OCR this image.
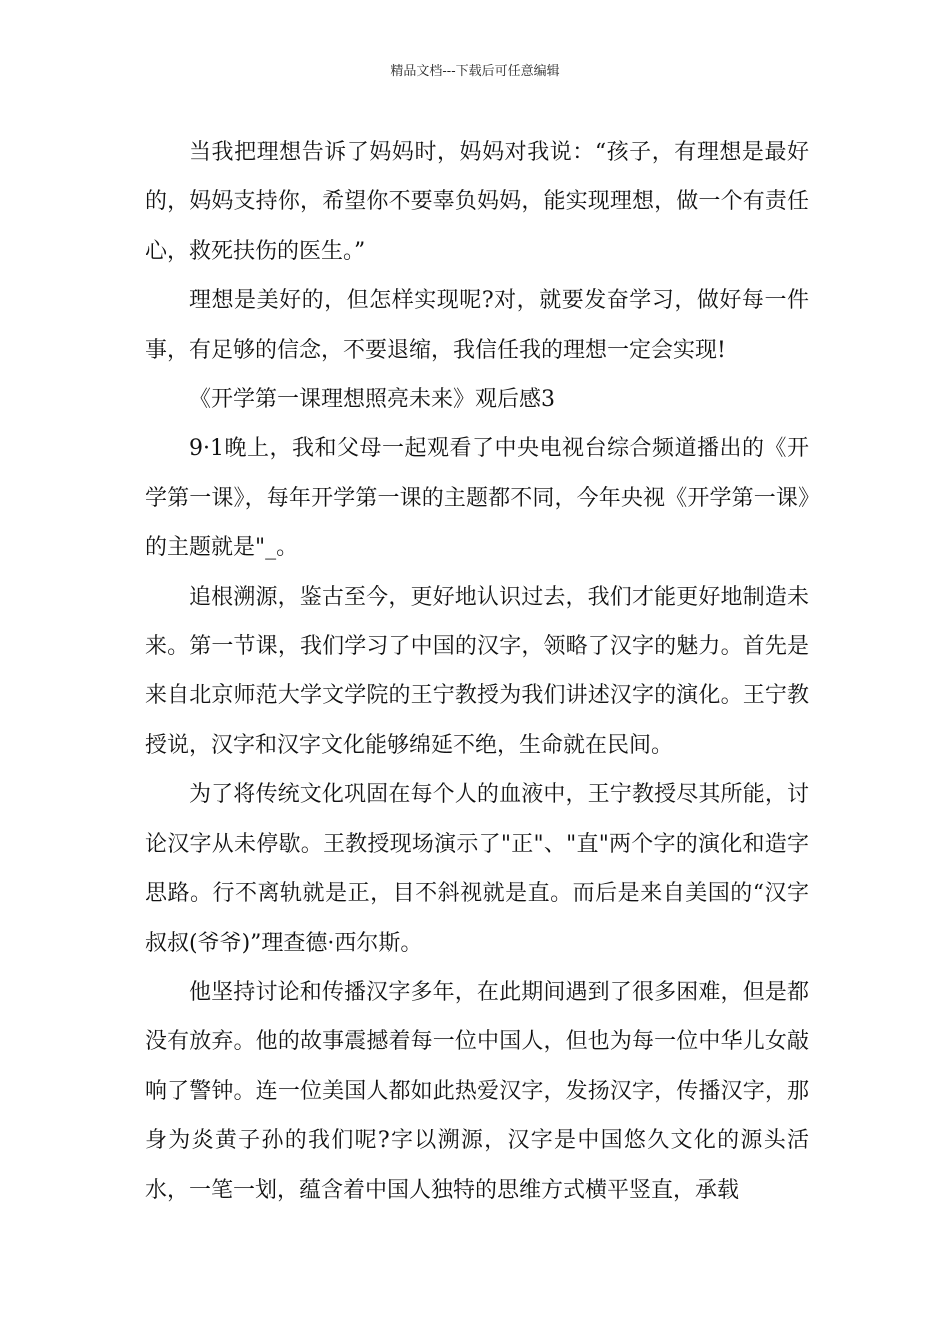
精品文档---下载后可任意编辑

当我把理想告诉了妈妈时，妈妈对我说：“孩子，有理想是最好的，妈妈支持你，希望你不要辜负妈妈，能实现理想，做一个有责任心，救死扶伤的医生。”

理想是美好的，但怎样实现呢?对，就要发奋学习，做好每一件事，有足够的信念，不要退缩，我信任我的理想一定会实现!

《开学第一课理想照亮未来》观后感3

9·1晚上，我和父母一起观看了中央电视台综合频道播出的《开学第一课》，每年开学第一课的主题都不同，今年央视《开学第一课》的主题就是"_。

追根溯源，鉴古至今，更好地认识过去，我们才能更好地制造未来。第一节课，我们学习了中国的汉字，领略了汉字的魅力。首先是来自北京师范大学文学院的王宁教授为我们讲述汉字的演化。王宁教授说，汉字和汉字文化能够绵延不绝，生命就在民间。

为了将传统文化巩固在每个人的血液中，王宁教授尽其所能，讨论汉字从未停歇。王教授现场演示了"正"、"直"两个字的演化和造字思路。行不离轨就是正，目不斜视就是直。而后是来自美国的“汉字叔叔(爷爷)”理查德·西尔斯。

他坚持讨论和传播汉字多年，在此期间遇到了很多困难，但是都没有放弃。他的故事震撼着每一位中国人，但也为每一位中华儿女敲响了警钟。连一位美国人都如此热爱汉字，发扬汉字，传播汉字，那身为炎黄子孙的我们呢?字以溯源，汉字是中国悠久文化的源头活水，一笔一划，蕴含着中国人独特的思维方式横平竖直，承载
